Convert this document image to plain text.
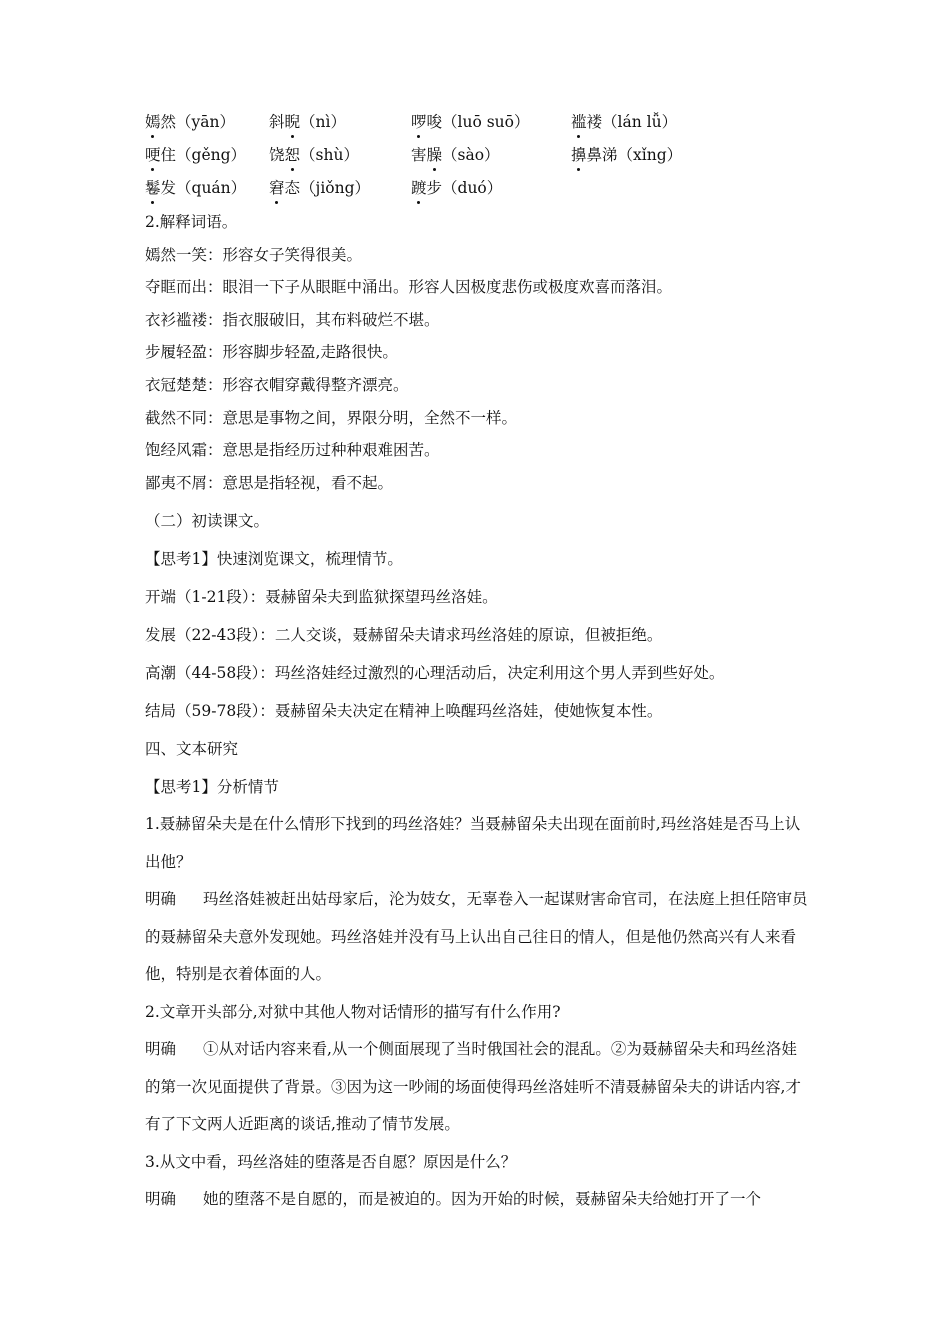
嫣然（yān）	斜睨（nì）	啰唆（luō suō）	褴褛（lán lǚ）
哽住（gěng）	饶恕（shù）	害臊（sào）	擤鼻涕（xǐng）
鬈发（quán）	窘态（jiǒng）	踱步（duó）
2.解释词语。
嫣然一笑：形容女子笑得很美。
夺眶而出：眼泪一下子从眼眶中涌出。形容人因极度悲伤或极度欢喜而落泪。
衣衫褴褛：指衣服破旧，其布料破烂不堪。
步履轻盈：形容脚步轻盈,走路很快。
衣冠楚楚：形容衣帽穿戴得整齐漂亮。
截然不同：意思是事物之间，界限分明，全然不一样。
饱经风霜：意思是指经历过种种艰难困苦。
鄙夷不屑：意思是指轻视，看不起。
（二）初读课文。
【思考1】快速浏览课文，梳理情节。
开端（1-21段）：聂赫留朵夫到监狱探望玛丝洛娃。
发展（22-43段）：二人交谈，聂赫留朵夫请求玛丝洛娃的原谅，但被拒绝。
高潮（44-58段）：玛丝洛娃经过激烈的心理活动后，决定利用这个男人弄到些好处。
结局（59-78段）：聂赫留朵夫决定在精神上唤醒玛丝洛娃，使她恢复本性。
四、文本研究
【思考1】分析情节
1.聂赫留朵夫是在什么情形下找到的玛丝洛娃？当聂赫留朵夫出现在面前时,玛丝洛娃是否马上认出他？
明确 玛丝洛娃被赶出姑母家后，沦为妓女，无辜卷入一起谋财害命官司，在法庭上担任陪审员的聂赫留朵夫意外发现她。玛丝洛娃并没有马上认出自己往日的情人，但是他仍然高兴有人来看他，特别是衣着体面的人。
2.文章开头部分,对狱中其他人物对话情形的描写有什么作用?
明确 ①从对话内容来看,从一个侧面展现了当时俄国社会的混乱。②为聂赫留朵夫和玛丝洛娃的第一次见面提供了背景。③因为这一吵闹的场面使得玛丝洛娃听不清聂赫留朵夫的讲话内容,才有了下文两人近距离的谈话,推动了情节发展。
3.从文中看，玛丝洛娃的堕落是否自愿？原因是什么？
明确 她的堕落不是自愿的，而是被迫的。因为开始的时候，聂赫留朵夫给她打开了一个
